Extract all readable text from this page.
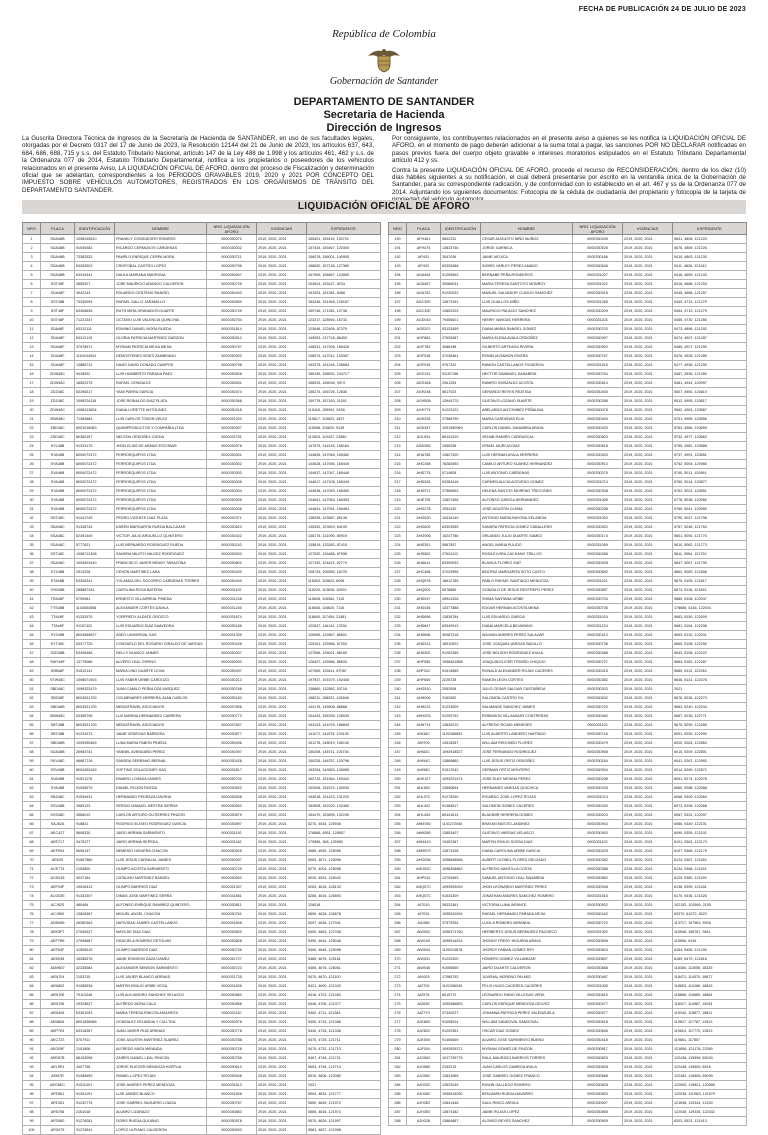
FECHA DE PUBLICACIÓN 24 DE JULIO DE 2023
República de Colombia
Gobernación de Santander
DEPARTAMENTO DE SANTANDER
Secretaria de Hacienda
Dirección de Ingresos

La Guscrita Directora Técnica de Ingresos de la Secretaría de Hacienda de SANTANDER, en uso de sus facultades legales, otorgadas por el Decreto 0317 del 17 de Junio de 2023, la Resolución 12144 del 21 de Junio de 2023, los artículos 637, 643, 684, 686, 688, 715 y s.s. del Estatuto Tributario Nacional, artículo 147 de la Ley 488 de 1.998 y los artículos 461, 462 y s.s. de la Ordenanza 077 de 2014, Estatuto Tributario Departamental, notifica a los propietarios o poseedores de los vehículos relacionados en el presente Aviso, LA LIQUIDACIÓN OFICIAL DE AFORO, dentro del proceso de Fiscalización y determinación oficial que se adelantan, correspondientes a los PERIODOS GRAVABLES 2019, 2020 y 2021 POR CONCEPTO DEL IMPUESTO SOBRE VEHÍCULOS AUTOMOTORES, REGISTRADOS EN LOS ORGANISMOS DE TRÁNSITO DEL DEPARTAMENTO SANTANDER.

Por consiguiente, los contribuyentes relacionados en el presente aviso a quienes se les notifica la LIQUIDACIÓN OFICIAL DE AFORO, en el momento de pago deberán adicionar a la suma total a pagar, las sanciones POR NO DECLARAR notificadas en pasos previos fuera del cuerpo objeto gravable e intereses moratorios estipulados en el Estatuto Tributario Departamental artículo 412 y ss.

Contra la presente LIQUIDACIÓN OFICIAL DE AFORO, procede el recurso de RECONSIDERACIÓN, dentro de los diez (10) días hábiles siguientes a su notificación, el cual deberá presentarse por escrito en la ventanilla única de la Gobernación de Santander, para su correspondiente radicación, y de conformidad con lo establecido en el art. 467 y ss de la Ordenanza 077 de 2014. Adjuntando los siguientes documentos: Fotocopia de la cédula de ciudadanía del propietario y fotocopia de la tarjeta de

LIQUIDACIÓN OFICIAL DE AFORO
NRO	PLACA	IDENTIFICACIÓN	NOMBRE	NRO. LIQUIDACIÓN AFORO	VIGENCIAS	EXPEDIENTE
1	SDA48B	1098245510	FRANKLY CONSUEGRO ROMERO	0000330072	2019, 2020, 2021	155401, 155119, 133724
2	SDA48B	91049283	RICARDO CERMUDOS CARDENAS	0000330032	2019, 2020, 2021	157434, 155467, 120300
3	SDA48B	73382533	PAMPLO ENRIQUE CERPA MORA	0000330711	2019, 2020, 2021	156078, 156001, 140955
4	SDA48B	63283503	CRISTOBAL CASTRO LOPEZ	0000330798	2019, 2020, 2021	158050, 157136, 127380
5	SDA48B	63310441	DAULA MARIANA MADRIGAL	0000330637	2019, 2020, 2021	157069, 158467, 124550
6	SST48F	3855327	JOSE MAURICIO ARANGO CALDERON	0000330735	2019, 2020, 2021	154524, 153147, 8234
7	SDA48F	3942244	EDUARDO CENTENO RANGEL	0000330443	2019, 2020, 2021	151053, 151361, 6488
8	SST48B	73330094	RAFAEL GALLO JARAMILLO	0000330830	2019, 2020, 2021	154246, 151948, 128187
9	SST48F	63408636	RUTH MIRA GRANADOS DUARTE	0000330749	2019, 2020, 2021	159746, 171381, 12748
10	SST48F	71221347	OCTAVIO LUIS VALENCIA QUINCHIA	0000330754	2019, 2020, 2021	123217, 128946, 16733
11	SDA48F	63312111	EDWING DANIEL MORA RUEDA	0000331814	2019, 2020, 2021	123646, 122406, 87375
12	SDA48F	63312115	GLORIA PATRICIA MARTINEZ GARZON	0000330612	2019, 2020, 2021	149053, 137718, 86453
13	SDA48F	37978971	MYRIAM PATRICIA MEJIA MEJIA	0000330797	2019, 2020, 2021	148031, 147306, 185426
14	SDA48F	1104104941	DEMOSTENES VIDES ZAMBRANO	0000330302	2019, 2020, 2021	148974, 147011, 133087
15	SDA48F	13886712	DAVID DAVID DONADO CAMPOS	0000330798	2019, 2020, 2021	153375, 151246, 136683
16	ZDW48C	9428532	LUIS HUMBERTO PARADA PAEZ	0000330828	2019, 2020, 2021	156195, 158532, 244717
17	ZDW48C	18502375	RAFAEL GONZALEZ	0000330831	2019, 2020, 2021	156033, 156036, 3974
18	ZDZ48C	63296317	YAMI PARRA GARCIA	0000330474	2019, 2020, 2021	156274, 156726, 12836
19	ZDZ48C	1098224116	JOSE REINALDO DIAZ PLATA	0000330366	2019, 2020, 2021	159778, 157183, 21001
20	ZDW48C	1098313604	DIANA LORETTE ANTOLINEZ	0000330415	2019, 2020, 2021	115416, 155992, 9438
21	ZBW48C	71384883	LUIS CARLOS TOBON VELEZ	0000331203	2019, 2020, 2021	115617, 115623, 1637
22	ZBD48C	8001016983	QUIMIPRODUCTOS Y COMPAÑIA LTDA	0000330307	2019, 2020, 2021	115598, 115620, 9128
23	ZDD48C	80360157	NELSON ORDOÑEZ OJEDA	0000332751	2019, 2020, 2021	112815, 110437, 23580
24	SYL48B	91334175	JHON ELIAS DE ARMAS ESCOBAR	0000330978	2019, 2020, 2021	147579, 144145, 165164
25	SYA48B	8000072472	FERROEQUIPOS LTDA	0000330301	2019, 2020, 2021	144645, 147046, 165462
26	SYA48B	8000072472	FERROEQUIPOS LTDA	0000330302	2019, 2020, 2021	144628, 147056, 165445
27	SYA48B	8000072472	FERROEQUIPOS LTDA	0000330303	2019, 2020, 2021	144637, 147047, 165446
28	SYA48B	8000072472	FERROEQUIPOS LTDA	0000330308	2019, 2020, 2021	144617, 147108, 165449
29	SYA48B	8000072472	FERROEQUIPOS LTDA	0000330304	2019, 2020, 2021	144638, 147049, 165450
30	SYA48B	8000072472	FERROEQUIPOS LTDA	0000330305	2019, 2020, 2021	144641, 147054, 165453
31	SYA48B	8000072472	FERROEQUIPOS LTDA	0000330306	2019, 2020, 2021	144641, 147051, 165454
32	SDT48C	91241745	PEDRO VICENTE DIAZ PLATA	0000332371	2019, 2020, 2021	138255, 123587, 89138
33	SDA48C	91338744	KAREN MARGARITA RUEDA BALCAZAR	0000330623	2019, 2020, 2021	135352, 123529, 84190
34	SSA48C	62491449	VICTOR JULIO ARGUELLO QUINTERO	0000330422	2019, 2020, 2021	136175, 131090, 80919
35	SSA48C	5777621	LUIS BERNARDO RODRIGUEZ RUEDA	0000330242	2019, 2020, 2021	135819, 133283, 87415
36	SST48C	1098712408	SANDRA MILETH VALDEZ RODRIGUEZ	0000332503	2019, 2020, 2021	127052, 126488, 87998
37	SDA48C	1093623440	FRANCISCO JAVIER BRAVO TARAZONA	0000330802	2019, 2020, 2021	127192, 124421, 62774
38	STZ48B	2513228	CENON MARTINEZ LARA	0000330420	2019, 2020, 2021	108734, 106289, 18725
39	STA48B	63306341	YOLANDA DEL SOCORRO CARDENAS TORRES	0000330449	2019, 2020, 2021	116003, 115623, 8008
40	SYB48B	285887344	CAROLINA ROSA BATERIA	0000331102	2019, 2020, 2021	115220, 113628, 10920
41	TRA48F	5799081	ERNESTO VILLARREAL PINEDA	0000331248	2019, 2020, 2021	115638, 116364, 7115
42	TTS48B	1103654558	ALEXANDER CORTES DAVILA	0000331240	2019, 2020, 2021	116645, 116620, 7116
43	TTA48F	91332975	YORFREDY ALDATE OROZCO	0000331874	2019, 2020, 2021	118640, 117454, 21581
44	TTA48F	91157422	LUIS EDUARDO DIAZ SAAVEDRA	0000330188	2019, 2020, 2021	122637, 116142, 17634
45	SYZ48B	8003659627	ASEO UNIVERSAL SAS	0000331309	2019, 2020, 2021	125055, 122567, 85601
46	SYT48C	63377725	CONSUELO DEL ROSARIO GIRALDO DE VARGAS	0000330428	2019, 2020, 2021	129101, 125986, 67353
47	SZD48B	63396488	DELCY BLANCO JAIMES	0000330307	2019, 2020, 2021	127066, 126021, 86165
48	SWY48F	13775086	ALVERO LEAL OSPINO	0000330093	2019, 2020, 2021	126427, 125986, 86633
49	SSB48F	91512141	MARIA LINO DUARTE LEIVA	0000330497	2019, 2020, 2021	127069, 126411, 87087
50	STW48C	1098671903	LUIS FABER URIBE CARDOZO	0000330213	2019, 2020, 2021	197937, 191579, 192408
51	SBD48C	1098322479	JUAN CAMILO PEÑALOZA VASQUEZ	0000330768	2019, 2020, 2021	138860, 132582, 93718
52	SBZ48F	8003531709	COLMENARES HERRERA JUAN CARLOS	0000330183	2019, 2020, 2021	158211, 158022, 126548
53	SBD48B	8003531709	MEDIATRAVEL ASOCIADOS	0000337806	2019, 2020, 2021	144176, 145908, 88868
54	SBW48C	63385798	LUZ MARINA HERNANDEZ CABRERA	0000330773	2019, 2020, 2021	154433, 158765, 136530
55	SBT48B	8003531709	MEDIATRAVEL ASOCIADOS	0000337807	2019, 2020, 2021	154123, 141076, 186849
56	SBT48B	91234373	JAIME VENEGAS BARBOSA	0000330877	2019, 2020, 2021	141172, 141976, 139130
57	SBD48B	1093935469	LUNA MARIA PABON PINEDA	0000330496	2019, 2020, 2021	151278, 148019, 165130
58	SDA48B	26984741	YANNEL AVENDAÑO PEREZ	0000330397	2019, 2020, 2021	150208, 148711, 126734
59	SKV48C	46687716	SANDRA SERRANO BERNAL	0000330426	2019, 2020, 2021	150226, 148757, 120796
60	SSV48B	8003453169	SOFTING SOLUCIONES SAS	0000332817	2019, 2020, 2021	153294, 149363, 128085
61	SVA48B	91521178	RAMIRO LOSADA JAIMES	0000330702	2019, 2020, 2021	162733, 151364, 153442
62	SYA48B	91536975	DANIEL ROJON RUEDA	0000330822	2019, 2020, 2021	152096, 151579, 130930
63	SBZ48C	91539431	HERNANDO PEDRAZA GAVIRIA	0000330838	2019, 2020, 2021	154018, 151423, 131220
64	SSV48B	3565123	SERGIO MANUEL MESTRA SIERRA	0000330693	2019, 2020, 2021	154508, 152220, 132480
65	SVS48C	3566012	CARLOS ARTURO GUTIERREZ PINZON	0000330879	2019, 2020, 2021	154470, 153595, 132190
66	SAJ82A	918821	RODRIGO ELISEO RODRIGUEZ GARCIA	0000330897	2019, 2020, 2021	5270, 4534, 125936
67	AEC42T	5608330	JAIRO ARRIMA SARMIENTO	0000331192	2019, 2020, 2021	178686, 4951, 125907
68	AEE71T	3475377	JAIRO ARRIMA SEPEDA	0000331162	2019, 2020, 2021	179585, 368, 125983
69	AEF094	5006137	NEMESIO HIGUERA CHACON	0000330525	2019, 2020, 2021	4585, 4592, 126055
70	AEK05	91667580	LUIS JESUS CARVAJAL JAIMES	0000330397	2019, 2020, 2021	5063, 4671, 126096
71	ACE7T4	2153800	OLIMPO ACOSTA SARMIENTO	0000330725	2019, 2020, 2021	5270, 4004, 126098
72	ACD018	3037184	CATALINO MARTINEZ RANGEL	0000330693	2019, 2020, 2021	5030, 4591, 126042
73	AEF04P	19026413	OLIMPO BARRIOS DIAZ	0000331307	2019, 2020, 2021	5263, 4616, 126133
74	ACG02E	91432307	DIMAS JOSE MARTINEZ SERRA	0000331851	2019, 2020, 2021	5265, 4616, 126593
75	ACJ92S	480484	ALFONSO ENRIQUE RAMIREZ QUINTERO	0000330811	2019, 2020, 2021	126018
76	ACJ96X	13826387	MIGUEL ANGEL CHACON	0000330761	2019, 2020, 2021	5890, 4628, 126578
77	ADD089	26280363	NATIVIDAD JAIMES CASTELLANOS	0000331808	2019, 2020, 2021	5397, 4636, 127041
78	AEK5F7	27549327	MATILDE DIAZ DIAZ	0000330820	2019, 2020, 2021	5400, 4663, 127038
79	AEF7R6	27996687	GRACIELA ROMERO DETOLMO	0000330828	2019, 2020, 2021	5490, 4644, 125048
80	AEF63F	41508415	OLIMPO BARRIOS DIAZ	0000330736	2019, 2020, 2021	5490, 4646, 125098
81	AEK038	15286376	JAIME EDINSON DAZA GAMEZ	0000341727	2019, 2020, 2021	5465, 4676, 125161
82	ADM607	32335084	ALEXANDER BENSON SARMIENTO	0000330723	2019, 2020, 2021	5465, 4676, 126061
83	AEN704	2153215	LUIS JAVIER BLANCO ARENAS	0000331735	2019, 2020, 2021	5470, 4670, 121100
84	AEN802	91285538	MARTIN EMILIO URIBE VEGA	0000331608	2019, 2020, 2021	5421, 4690, 121343
85	AEN706	79113446	LUIS ALEJANDRO SANCHEZ VELASCO	0000330863	2019, 2020, 2021	5416, 4701, 121453
86	AEN706	19328627	ALFREDO MORA CALA	0000330856	2019, 2020, 2021	5446, 4705, 121377
87	AEN406	63361253	MARIA TERESA RINCON ANGARITA	0000331110	2019, 2020, 2021	5452, 4711, 121384
88	AEM861	8001838968	GONZALEZ VELANDIA Y CIA LTDA	0000330978	2019, 2020, 2021	5450, 4715, 121386
89	AEP7E4	63316287	JUAN JAVIER RUIZ ARENAS	0000330778	2019, 2020, 2021	5440, 4726, 121338
90	AEC7Z3	5707911	JOSE AGUSTIN MARTINEZ SUAREZ	0000330788	2019, 2020, 2021	5470, 4725, 121711
91	AEG09F	2151808	ALFREDO MATA MIRANDA	0000330728	2019, 2020, 2021	5475, 4732, 121713
92	AEE87B	88153098	ZAIRES DANIEL LEAL RINCON	0000330758	2019, 2020, 2021	5467, 4748, 121721
93	AEL5P4	4407758	JORGE ELIECER MENDOZA HORTUA	0000330613	2019, 2020, 2021	5553, 4794, 122714
94	AEM7R	91288459	ISMAEL LOPEZ ROJAS	0000330946	2019, 2020, 2021	5510, 4806, 122080
95	AEO6EC	91511401	JOSE ANDRES PEREZ MENDOZA	0000331613	2019, 2020, 2021	2021
96	AFE961	91261191	LUIS JAIMES BLANCO	0000331608	2019, 2020, 2021	5504, 4834, 121777
97	AFE261	91232774	JOSE GABRIEL SAGUERO LOAIZA	0000330767	2019, 2020, 2021	5550, 4849, 121972
98	AFB708	2161018	ALVARO LIZARAZO	0000330883	2019, 2020, 2021	5565, 4816, 121974
99	AFD080	91276281	DORIS RUEDA QUIJANO	0000330978	2019, 2020, 2021	5570, 4828, 121997
100	AFD079	91276541	LOPEZ ULPIANO CALDERON	0000330693	2019, 2020, 2021	5581, 4837, 121998
NRO	PLACA	IDENTIFICACIÓN	NOMBRE	NRO. LIQUIDACIÓN AFORO	VIGENCIAS	EXPEDIENTE
190	AFH461	5602231	CESAR AUGUSTO NIÑO MUÑOZ	0000330495	2019, 2020, 2021	5641, 4806, 121220
191	AFH475	13833746	JORGE GARNICA	0000330526	2019, 2020, 2021	5676, 4869, 121226
192	AFH31	3547036	JAIME MOJICA	0000330166	2019, 2020, 2021	5410, 4863, 121230
193	AFH22	63305388	INGRID VARLEY PEREZ AMADO	0000330646	2019, 2020, 2021	5411, 4826, 121242
194	AGA464	91255553	BERNABE PEÑA RONDEROS	0000331027	2019, 2020, 2021	5416, 4669, 121243
195	AGA467	30086031	MARIA TERESA SANTOYO MONROY	0000331022	2019, 2020, 2021	5416, 4688, 121253
196	AGA781	91230022	MANUEL SALVADOR CLAVIJO SANCHEZ	0000330918	2019, 2020, 2021	5445, 4688, 121257
197	AGC32E	13873151	LUIS GUALLOS MIÑO	0000331265	2019, 2020, 2021	5440, 4713, 121279
198	AGC32E	13802203	MAURICIO PALACIO SANCHEZ	0000330209	2019, 2020, 2021	5454, 4713, 121279
199	AGD043	79455621	HENRY VARGAS HERRERA	0000331103	2019, 2020, 2021	5455, 4730, 121285
200	AGE207	53133459	DIANA MARIA RANGEL GOMEZ	0000330703	2019, 2020, 2021	5473, 4896, 121292
201	AGF863	27605387	MARIA ELENA AYALA ORDOÑEZ	0000330097	2019, 2020, 2021	5474, 4907, 121287
202	AGF783	3088198	GILBERTO ARTEAGA RIVERA	0000330902	2019, 2020, 2021	5485, 4927, 121290
203	AGF918	37238461	ROMELIA RAMON RIVERA	0000330757	2019, 2020, 2021	5476, 4928, 121289
204	AGF915	5767342	RAMON CASTELLANOS FIGUEROA	0000331615	2019, 2020, 2021	5477, 4936, 121290
205	AGG211	91157158	HECTOR SAMMUEL SANABRIA	0000330764	2019, 2020, 2021	5487, 4936, 121280
206	AGG346	2061254	RAMIRO GONZALEZ ACOSTA	0000330614	2019, 2020, 2021	5481, 4944, 120997
207	AGH248	5617023	GERARDO REYES REATIGA	0000330405	2019, 2020, 2021	5507, 4950, 120810
208	AGH508	13944775	GUSTAVO LOZANO DUARTE	0000330288	2019, 2020, 2021	5512, 4955, 120817
209	AGH774	91223122	ABELARDO ANTONINEZ PEÑALINA	0000330078	2019, 2020, 2021	5562, 4963, 120867
210	AGK326	27968790	MARIA CARDENAS ELIA	0000330405	2019, 2020, 2021	5751, 4965, 120856
211	AGK347	1091990069	CARLOS DANIEL SANABRIA ARAYA	0000330420	2019, 2020, 2021	5763, 4966, 120859
212	AGL534	86141220	SEHAB RAMIRO CARRASCAL	0000330603	2019, 2020, 2021	5732, 4977, 120863
213	AGM382	2050038	ISRAEL MURCIA DIAZ	0000330818	2019, 2020, 2021	5755, 4982, 120888
214	AHA755	13827300	LUIS HERNAN AYALA HERRERA	0000330403	2019, 2020, 2021	5737, 4991, 120851
215	AHC358	78282693	CAMILO ARTURO SUAREZ HERNANDEZ	0000330913	2019, 2020, 2021	5752, 5004, 120985
216	AHD775	5714828	LUIS ANTONIO CARDENAS	0000330375	2019, 2020, 2021	5740, 5011, 120991
217	AHD326	63283416	CARMEN ALICIA ACEVEDO GOMEZ	0000331074	2019, 2020, 2021	5760, 5014, 120877
218	AHD371	27966553	HELENA SANTOS MORENO TRECONES	0000330308	2019, 2020, 2021	5763, 5023, 120851
219	AHE705	13827456	ALFONSO GARCIA HERNANDEZ	0000331095	2019, 2020, 2021	5776, 5038, 120980
220	AHG278	2054130	JOSE AGUSTIN CLEMA	0000330298	2019, 2020, 2021	5780, 5041, 120990
221	AHG630	15416140	ANTONIO MARIA BAYONA VELANDIA	0000331093	2019, 2020, 2021	5790, 5047, 121798
222	AHG802	63303055	SANDRA PATRICIA GOMEZ CABALLERO	0000330402	2019, 2020, 2021	5757, 5048, 121763
223	AHG906	15247786	ORLANDO JULIO DUARTE GAMEZ	0000330174	2019, 2020, 2021	5801, 5050, 121770
224	AHS301	5567557	ANGEL MARIA PULIDO	0000331059	2019, 2020, 2021	5810, 5062, 121773
225	AHS502	27624112	ROSA ELVIRA CACHANO TRILLOS	0000330458	2019, 2020, 2021	5811, 5064, 121792
226	AHA614	63300033	BLANCA FLOREZ SIAT	0000330928	2019, 2020, 2021	5847, 5067, 121795
227	AHC458	37229998	BEATRIZ MARGARITA SOTO CASTO	0000330892	2019, 2020, 2021	5862, 5069, 121808
228	AHQ578	18612785	PABLO RAFAEL SANTIAGO MENDOZA	0000331021	2019, 2020, 2021	5875, 5105, 121817
229	AHQ901	5578869	GONZALO DE JESUS RESTREPO PEREZ	0000330897	2019, 2020, 2021	5873, 5116, 121832
230	AHD047	26941326	SHIMA SANTANA URIBE	0000330704	2019, 2020, 2021	5880, 5108, 122047
231	AHD436	13377888	EDGAR HERNAN ACOSTA MENA	0000330736	2019, 2020, 2021	178686, 5146, 122034
232	AHD896	13838784	LUIS EDUARDO GARCIA	0000331024	2019, 2020, 2021	5683, 5150, 122009
233	AHD847	63549913	DIANA MARCELA BEJARANO	0000331224	2019, 2020, 2021	5681, 5164, 122208
234	AHD896	30087216	WILMAN ANDRES PEREZ SALAZAR	0000330413	2019, 2020, 2021	5653, 5130, 122031
235	AHD313	18910522	JOSE JOAQUIN VARGAS BADILLO	0000330738	2019, 2020, 2021	5660, 5108, 122290
236	AHD302	91252285	JOSE NELSON RODRIGUEZ AYALA	0000330488	2019, 2020, 2021	5643, 5108, 122222
237	AHF055	1098461858	JOAQUIN ELICER TRIVIÑO CHIQUIO	0000330727	2019, 2020, 2021	5684, 5162, 122287
238	AHF31C	91514565	RONALD ALEXANDER ROJAS CACERES	0000330415	2019, 2020, 2021	5680, 5112, 122246
239	AHF606	2226728	RAMON LEON CORTES	0000330382	2019, 2020, 2021	5646, 5141, 122476
240	AHG510	2052008	JULIO CESAR SALGAR CASTAÑEDA	0000330303	2019, 2020, 2021	2021
241	AHH006	2162652	SALOMON CASTRO GIL	0000330632	2019, 2020, 2021	5676, 5236, 122273
242	AHH222	91233009	SALMANSE SANCHEZ JAIMES	0000330720	2019, 2020, 2021	5683, 5240, 122244
243	AHH2S0	91299742	ROBINSON VILLAMIZAR CONTRERAS	0000330460	2019, 2020, 2021	5687, 5236, 122771
244	AHH714	13840210	ALFREDO ROJAS MENESES	0000331102	2019, 2020, 2021	5675, 5259, 122285
245	AHI38C	1102366653	LUIS ALBERTO LANDERO HURTADO	0000330716	2019, 2020, 2021	6001, 5252, 122990
246	AHI700	13515287	WILLIAM REDONDO FLOREZ	0000330479	2019, 2020, 2021	6020, 5263, 122863
247	AHI82C	1093918527	JOSE FERNANDO RODRIGUEZ	0000330908	2019, 2020, 2021	6010, 5209, 122801
248	AHI94C	13865880	LUIS JESUS ORTIZ ORDOÑEZ	0000330184	2019, 2020, 2021	6041, 5267, 122993
249	AHI98C	91517042	GERMAN ORTIZ MONTERO	0000330904	2019, 2020, 2021	6014, 5269, 122872
250	AHK107	1093201474	JOSE ELBY MEDINA PEREZ	0000330298	2019, 2020, 2021	6051, 5274, 122076
251	AHL602	13650694	HERNANDO VARGAS QUICHICA	0000330435	2019, 2020, 2021	6060, 5288, 122088
252	AHL37C	91275290	RICARDO JOSE LOPEZ ROJAS	0000331074	2019, 2020, 2021	6068, 5300, 122064
253	AHL402	91468517	SALOMON GOMEZ CACERES	0000330430	2019, 2020, 2021	6073, 5298, 122068
254	AHL404	80441614	BLADIMIR HERRERA GOMEZ	0000330023	2019, 2020, 2021	6087, 5331, 122097
255	AHM780	1101272040	BRAYAN MATOS LANDINEZ	0000330943	2019, 2020, 2021	6086, 5349, 122101
256	AHM280	13853407	GUSTAVO VARGAS VELASCO	0000330953	2019, 2020, 2021	6090, 5355, 122101
257	AHM410	13452387	MARTIN EMILIO SOSSA DIAZ	0000331102	2019, 2020, 2021	6101, 5363, 122173
258	AHM570	13874108	DIANA CAROLINA URIBE GARCIA	0000330425	2019, 2020, 2021	6107, 5366, 122179
259	AHO936	1098648898	ALBERT LEONEL FLOREZ DELGADO	0000330382	2019, 2020, 2021	6124, 5367, 121189
260	AHO03C	1098308883	ALFREDO MANTILLA COSTA	0000330386	2019, 2020, 2021	6134, 5368, 121194
261	AHP010	13709463	SAMUEL ANTONIO LEAL SANABRIA	0000330862	2019, 2020, 2021	6129, 5380, 121199
262	AHQ07C	1093909039	JHON LEONARDO MARTINEZ PEREZ	0000330948	2019, 2020, 2021	6138, 5399, 121401
263	AHQ07C	91534309	JONATHAN ANDRES SANCHEZ ROMERO	0000331515	2019, 2020, 2021	6170, 5436, 121425
264	AIT010	28332461	VICTORIA LUNA INFANTE	0000330932	2019, 2020, 2021	102152, 102690, 2155
265	AIT031	1095910094	RAFAEL HERNANDO PARADA HEJIA	0000330163	2019, 2020, 2021	63370, 61972, 8322
266	AIU380	37579254	LUCILA ROMERO MIRANDA	0000330722	2019, 2020, 2021	113717, 107963, 9928
267	AIW002	1096371760	HERIBERTO JESUS BERMUDEZ PACHECO	0000331052	2019, 2020, 2021	115948, 108787, 9641
268	AIW100	1095914024	JHONNY FREDY HIGUERA ARAYA	0000330898	2019, 2020, 2021	115956, 0416
269	AIW004	1100314878	JHORDY FABIAN GOMEZ REY	0000330604	2019, 2020, 2021	6184, 5456, 121430
270	AIW031	91220300	HOMERO GOMEZ VILLAMIZAR	0000330807	2019, 2020, 2021	6189, 5479, 121818
271	AIW046	91056555	JAIRO DUARTE CALDERON	0000330688	2019, 2020, 2021	118365, 113055, 18325
272	AIX003	17085793	JUVENAL MORENO PALMIO	0000330487	2019, 2020, 2021	118473, 114070, 18677
273	AIZ702	1101396030	FELIX HUGO CACERES CACERES	0000331005	2019, 2020, 2021	118653, 114166, 18843
274	AIZ576	8015772	LEONARDO FABIO VILLEGAS VERA	0000330815	2019, 2020, 2021	118866, 116665, 18864
275	AIZ630	1099486893	CARLOS ENRIQUE MENDOZA GELVEZ	0000330477	2019, 2020, 2021	118417, 114987, 19034
276	AIZ7Y0	37340227	JOHANNA PATRICIA PEREZ VALENZUELA	0000330577	2019, 2020, 2021	119345, 115877, 18811
277	AJE800	91006914	WILLIAM SANDOVAL SANDOVAL	0000330618	2019, 2020, 2021	119627, 117787, 12813
278	AJE822	91292351	OSCAR DIAZ GOMEZ	0000330646	2019, 2020, 2021	119624, 117770, 12813
279	AJE500	91450669	ALVARO JOSE SARMIENTO BUENO	0000330418	2019, 2020, 2021	119661, 117807
280	AJF004	1093929371	MYRIAM GOMEZ DE PINZON	0000330817	2019, 2020, 2021	121856, 121178, 22390
281	AJG562	1017739778	RAUL MAURICIO BARRIOS TORRES	0000330825	2019, 2020, 2021	122436, 119596, 65043
282	AJG560	2153215	JUAN CARLOS GAMBOA AYALA	0000330828	2019, 2020, 2021	122448, 119605, 6518
283	AJG562	13831965	JOSE GABRIEL GOMEZ FRANCO	0000330668	2019, 2020, 2021	122462, 119606, 65099
284	AJH202	13522049	EDWIN GALLEGO ROMERO	0000330828	2019, 2020, 2021	122500, 119821, 120898
285	AJH362	1095914030	BENJAMIN RUEDA NAVARRO	0000330820	2019, 2020, 2021	122035, 120363, 121570
286	AJH3E0	13841446	SAUL RINCO ARDILA	0000330907	2019, 2020, 2021	121698, 119344, 12430
287	AJH3E0	13874182	JAIME ROJAS LOPEZ	0000330855	2019, 2020, 2021	122045, 119335, 122432
288	AJH328	13864887	ALONSO REYES SANCHEZ	0000330909	2019, 2020, 2021	6203, 5521, 121913
